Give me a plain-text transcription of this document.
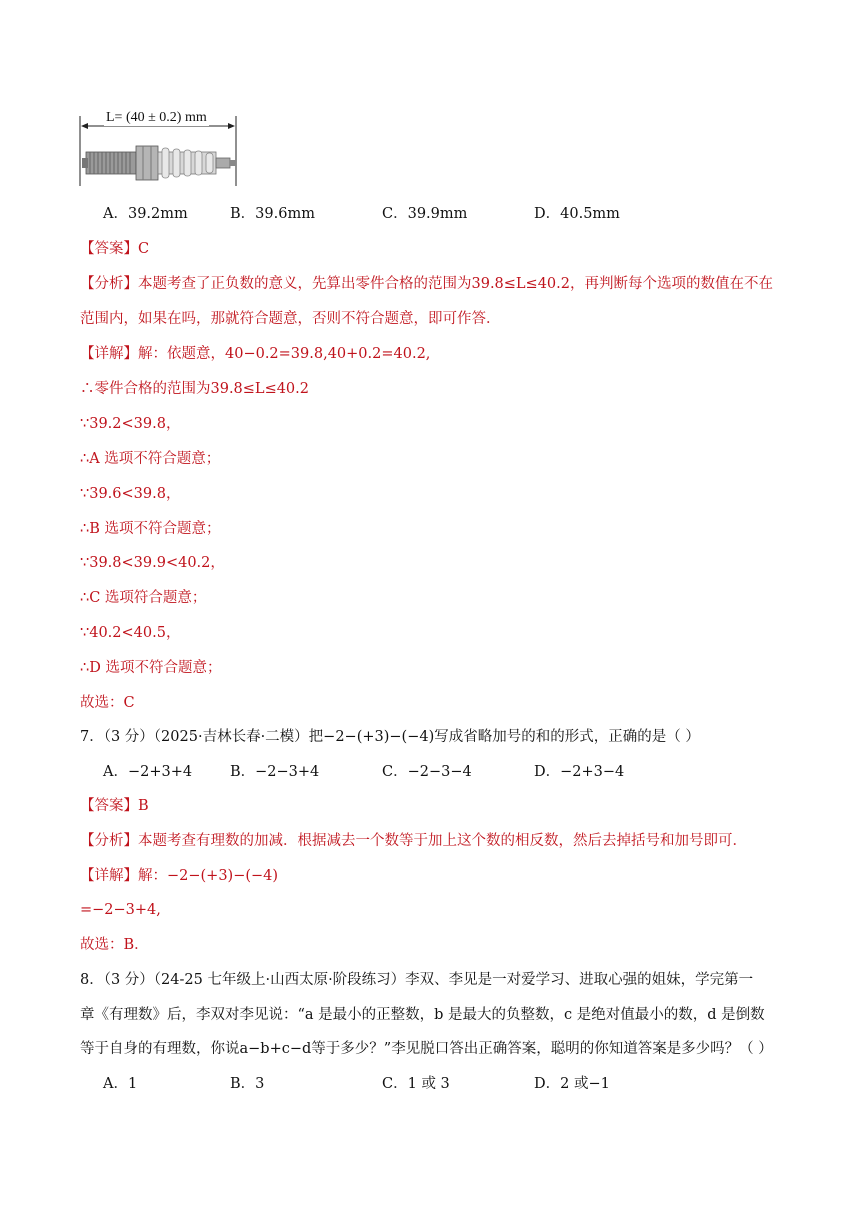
L= (40 ± 0.2) mm
A．39.2mm	B．39.6mm	C．39.9mm	D．40.5mm
【答案】C
【分析】本题考查了正负数的意义，先算出零件合格的范围为39.8≤L≤40.2，再判断每个选项的数值在不在
范围内，如果在吗，那就符合题意，否则不符合题意，即可作答．
【详解】解：依题意，40−0.2=39.8,40+0.2=40.2,
∴零件合格的范围为39.8≤L≤40.2
∵39.2<39.8，
∴A 选项不符合题意；
∵39.6<39.8，
∴B 选项不符合题意；
∵39.8<39.9<40.2，
∴C 选项符合题意；
∵40.2<40.5，
∴D 选项不符合题意；
故选：C
7．（3 分）（2025·吉林长春·二模）把−2−(+3)−(−4)写成省略加号的和的形式，正确的是（ ）
A．−2+3+4	B．−2−3+4	C．−2−3−4	D．−2+3−4
【答案】B
【分析】本题考查有理数的加减．根据减去一个数等于加上这个数的相反数，然后去掉括号和加号即可．
【详解】解：−2−(+3)−(−4)
=−2−3+4,
故选：B．
8．（3 分）（24-25 七年级上·山西太原·阶段练习）李双、李见是一对爱学习、进取心强的姐妹，学完第一
章《有理数》后，李双对李见说：“a 是最小的正整数，b 是最大的负整数，c 是绝对值最小的数，d 是倒数
等于自身的有理数，你说a−b+c−d等于多少？”李见脱口答出正确答案，聪明的你知道答案是多少吗？（ ）
A．1	B．3	C．1 或 3	D．2 或−1
